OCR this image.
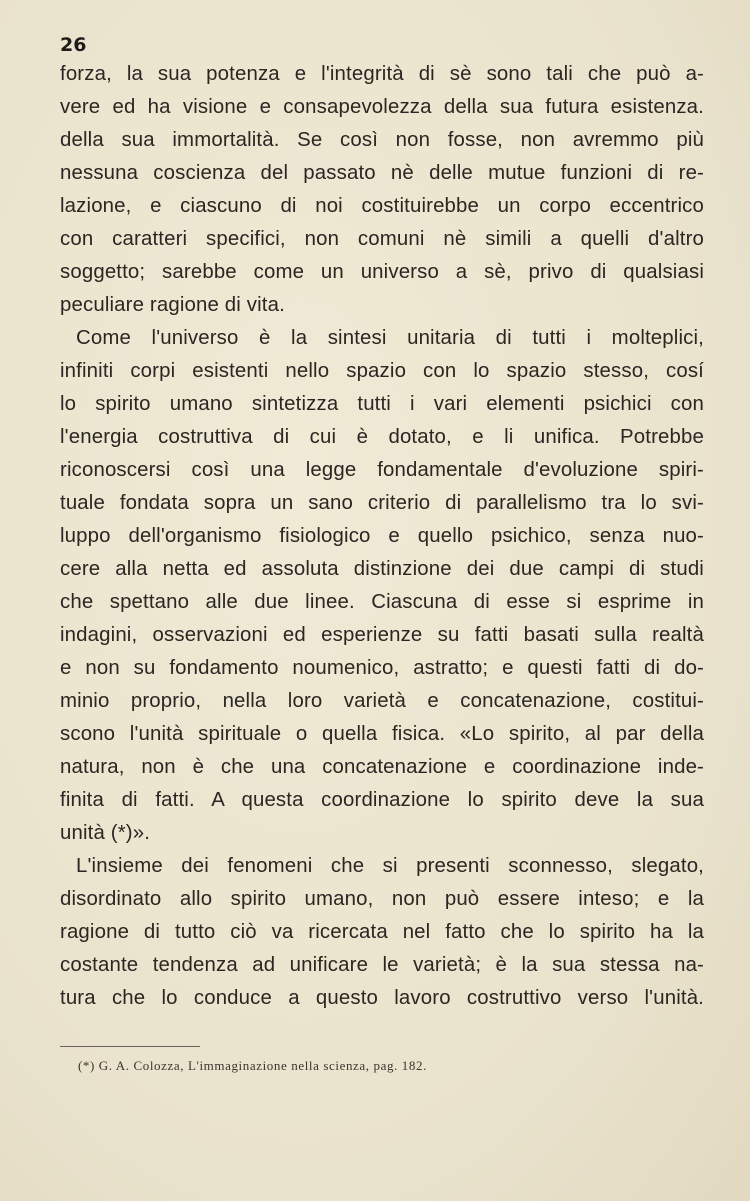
26
forza, la sua potenza e l'integrità di sè sono tali che può a-
vere ed ha visione e consapevolezza della sua futura esistenza.
della sua immortalità. Se così non fosse, non avremmo più
nessuna coscienza del passato nè delle mutue funzioni di re-
lazione, e ciascuno di noi costituirebbe un corpo eccentrico
con caratteri specifici, non comuni nè simili a quelli d'altro
soggetto; sarebbe come un universo a sè, privo di qualsiasi
peculiare ragione di vita.
Come l'universo è la sintesi unitaria di tutti i molteplici,
infiniti corpi esistenti nello spazio con lo spazio stesso, cosí
lo spirito umano sintetizza tutti i vari elementi psichici con
l'energia costruttiva di cui è dotato, e li unifica. Potrebbe
riconoscersi così una legge fondamentale d'evoluzione spiri-
tuale fondata sopra un sano criterio di parallelismo tra lo svi-
luppo dell'organismo fisiologico e quello psichico, senza nuo-
cere alla netta ed assoluta distinzione dei due campi di studi
che spettano alle due linee. Ciascuna di esse si esprime in
indagini, osservazioni ed esperienze su fatti basati sulla realtà
e non su fondamento noumenico, astratto; e questi fatti di do-
minio proprio, nella loro varietà e concatenazione, costitui-
scono l'unità spirituale o quella fisica. «Lo spirito, al par della
natura, non è che una concatenazione e coordinazione inde-
finita di fatti. A questa coordinazione lo spirito deve la sua
unità (*)».
L'insieme dei fenomeni che si presenti sconnesso, slegato,
disordinato allo spirito umano, non può essere inteso; e la
ragione di tutto ciò va ricercata nel fatto che lo spirito ha la
costante tendenza ad unificare le varietà; è la sua stessa na-
tura che lo conduce a questo lavoro costruttivo verso l'unità.
(*) G. A. Colozza, L'immaginazione nella scienza, pag. 182.
